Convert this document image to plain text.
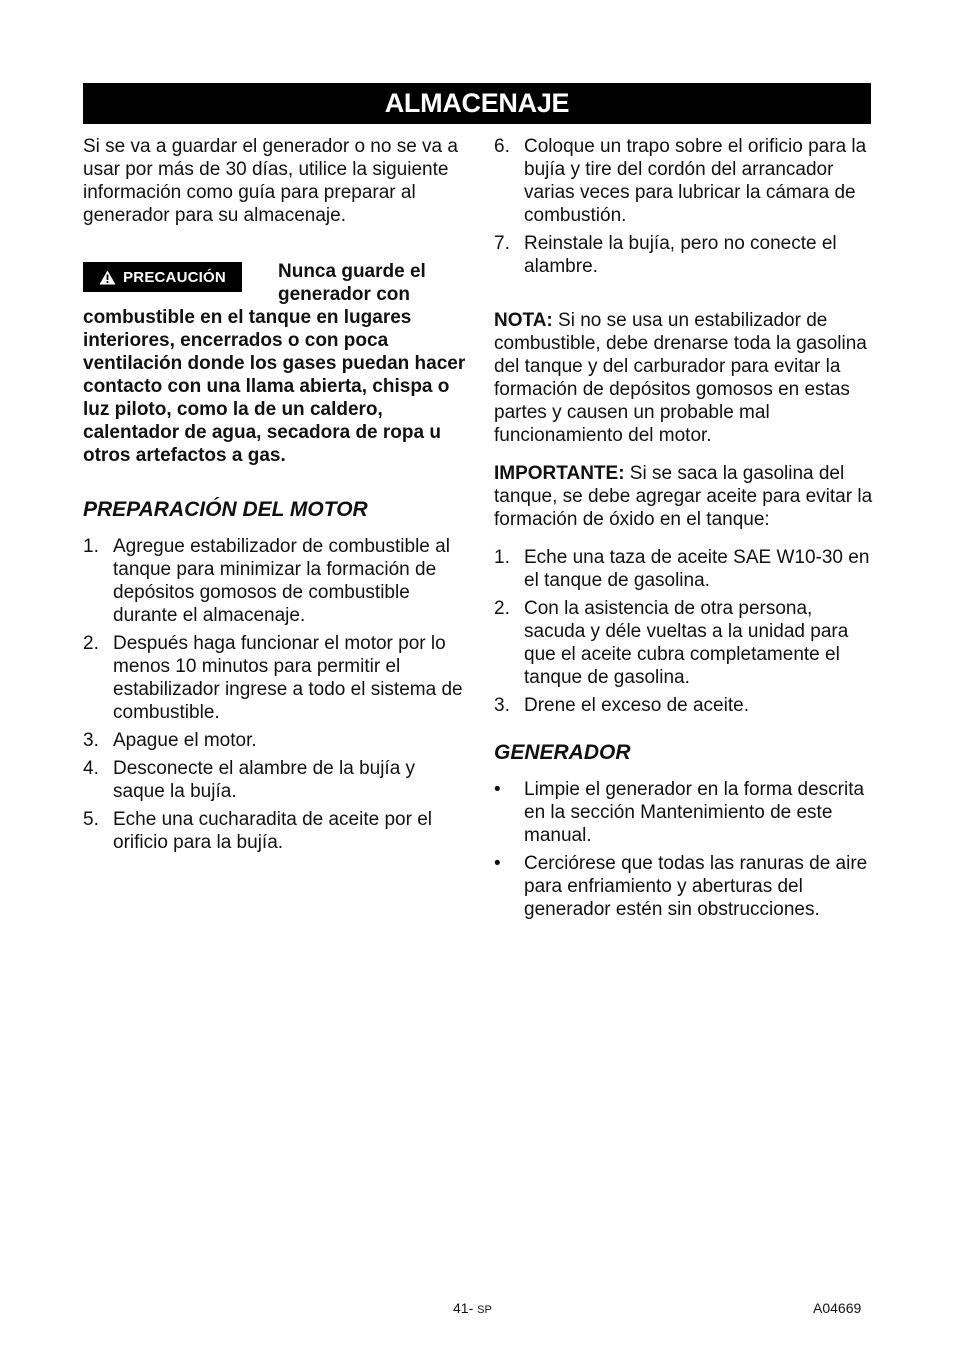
ALMACENAJE

Si se va a guardar el generador o no se va a usar por más de 30 días, utilice la siguiente información como guía para preparar al generador para su almacenaje.

PRECAUCIÓN	Nunca guarde el generador con combustible en el tanque en lugares interiores, encerrados o con poca ventilación donde los gases puedan hacer contacto con una llama abierta, chispa o luz piloto, como la de un caldero, calentador de agua, secadora de ropa u otros artefactos a gas.
PREPARACIÓN DEL MOTOR
1. Agregue estabilizador de combustible al tanque para minimizar la formación de depósitos gomosos de combustible durante el almacenaje.
2. Después haga funcionar el motor por lo menos 10 minutos para permitir el estabilizador ingrese a todo el sistema de combustible.
3. Apague el motor.
4. Desconecte el alambre de la bujía y saque la bujía.
5. Eche una cucharadita de aceite por el orificio para la bujía.
6. Coloque un trapo sobre el orificio para la bujía y tire del cordón del arrancador varias veces para lubricar la cámara de combustión.
7. Reinstale la bujía, pero no conecte el alambre.

NOTA: Si no se usa un estabilizador de combustible, debe drenarse toda la gasolina del tanque y del carburador para evitar la formación de depósitos gomosos en estas partes y causen un probable mal funcionamiento del motor.

IMPORTANTE: Si se saca la gasolina del tanque, se debe agregar aceite para evitar la formación de óxido en el tanque:

1. Eche una taza de aceite SAE W10-30 en el tanque de gasolina.
2. Con la asistencia de otra persona, sacuda y déle vueltas a la unidad para que el aceite cubra completamente el tanque de gasolina.
3. Drene el exceso de aceite.
GENERADOR
• Limpie el generador en la forma descrita en la sección Mantenimiento de este manual.
• Cerciórese que todas las ranuras de aire para enfriamiento y aberturas del generador estén sin obstrucciones.
41- SP	A04669
